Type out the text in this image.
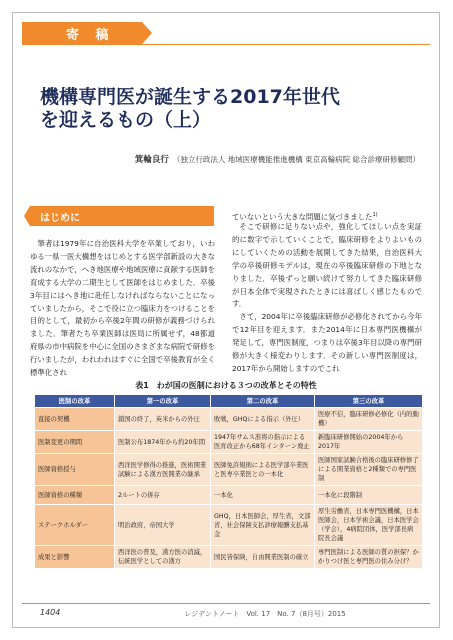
寄 稿
機構専門医が誕生する2017年世代
を迎えるもの（上）
箕輪良行 （独立行政法人 地域医療機能推進機構 東京高輪病院 総合診療研修顧問）
はじめに

筆者は1979年に自治医科大学を卒業しており，いわゆる一県一医大構想をはじめとする医学部新設の大きな流れのなかで，へき地医療や地域医療に貢献する医師を育成する大学の二期生として医師をはじめました．卒後3年目にはへき地に赴任しなければならないことになっていましたから，そこで役に立つ臨床力をつけることを目的として，最初から卒後2年間の研修が義務づけられました．筆者たち卒業医師は医局に所属せず，48都道府県の市中病院を中心に全国のさまざまな病院で研修を行いましたが，われわれはすぐに全国で卒後教育が全く標準化され

ていないという大きな問題に気づきました$^{1)}$

そこで研修に足りない点や，強化してほしい点を実証的に数字で示していくことで，臨床研修をよりよいものにしていくための活動を展開してきた結果，自治医科大学の卒後研修モデルは，現在の卒後臨床研修の下地となりました．卒後ずっと願い続けて努力してきた臨床研修が日本全体で実現されたときには喜ばしく感じたものです．

さて，2004年に卒後臨床研修が必修化されてから今年で12年目を迎えます．また2014年に日本専門医機構が発足して，専門医制度，つまりは卒後3年目以降の専門研修が大きく様変わりします．その新しい専門医制度は，2017年から開始しますのでこれ

表1　わが国の医制における３つの改革とその特性
医制の改革	第一の改革	第二の改革	第三の改革
直接の契機	鎖国の終了，英米からの外圧	敗戦，GHQによる指示（外圧）	医療不信，臨床研修必修化（内的動機）
医制変更の期間	医制公布1874年から約20年間	1947年サムス准将の指示による医育改正から68年インターン廃止	新臨床研修開始の2004年から2017年
医師資格授与	西洋医学修得の推進，医術開業試験による漢方医開業の継承	医師免許規則による医学部卒業医と医専卒業医との一本化	医師国家試験合格後の臨床研修修了による開業資格と2種類での専門医制
医師資格の種類	2ルートの併存	一本化	一本化に段階制
ステークホルダー	明治政府，帝国大学	GHQ，日本医師会，厚生省，文部省，社会保険支払診療報酬支払基金	厚生労働省，日本専門医機構，日本医師会，日本学術会議，日本医学会（学会），4病院団体，医学部長病院長会議
成果と影響	西洋医の普及，漢方医の消滅，伝統医学としての漢方	国民皆保険，自由開業医制の確立	専門医制による医師の質の担保？かかりつけ医と専門医の住み分け？
1404	レジデントノート　Vol. 17　No. 7（8月号）2015
